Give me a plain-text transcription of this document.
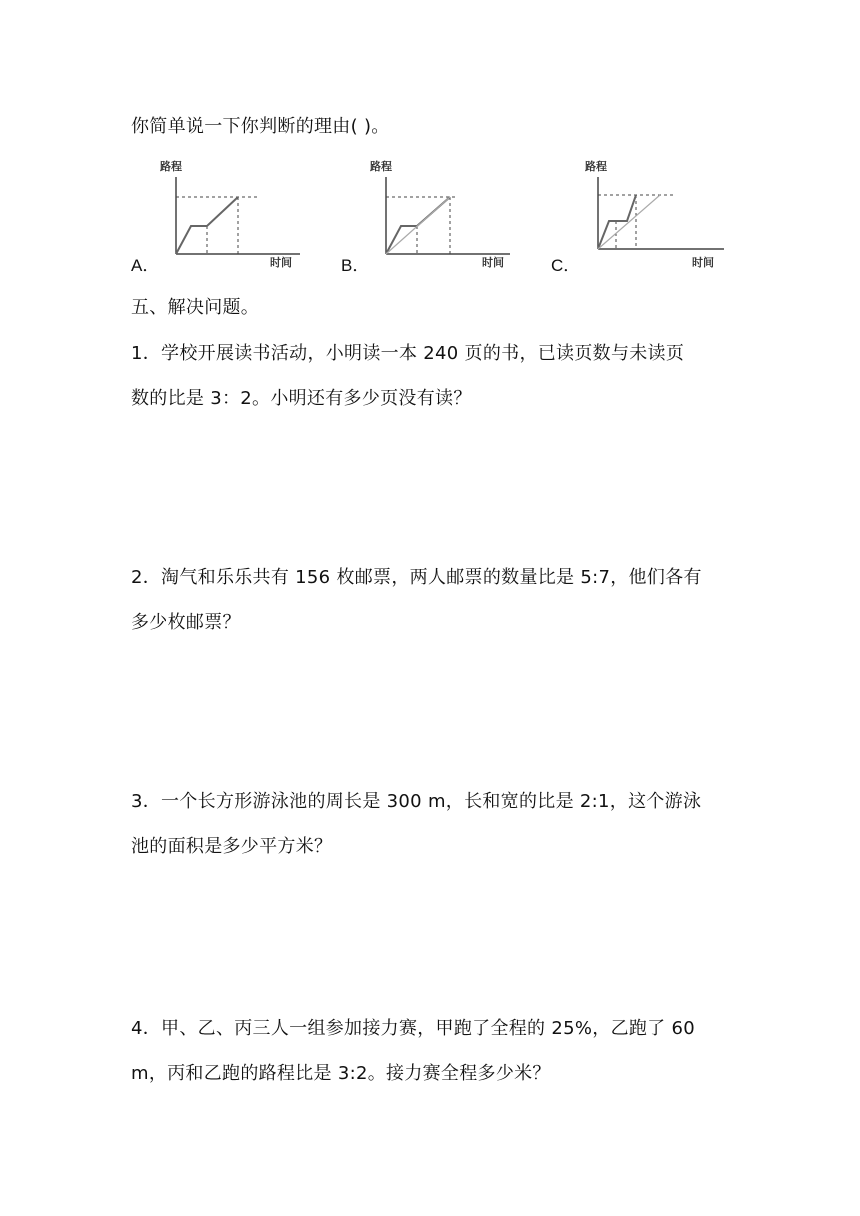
你简单说一下你判断的理由( )。
A．
路程
时间	B．
路程
时间	C．
路程
时间
五、解决问题。
1．学校开展读书活动，小明读一本 240 页的书，已读页数与未读页
数的比是 3：2。小明还有多少页没有读？
2．淘气和乐乐共有 156 枚邮票，两人邮票的数量比是 5:7，他们各有
多少枚邮票？
3．一个长方形游泳池的周长是 300 m，长和宽的比是 2:1，这个游泳
池的面积是多少平方米？
4．甲、乙、丙三人一组参加接力赛，甲跑了全程的 25%，乙跑了 60
m，丙和乙跑的路程比是 3:2。接力赛全程多少米？
